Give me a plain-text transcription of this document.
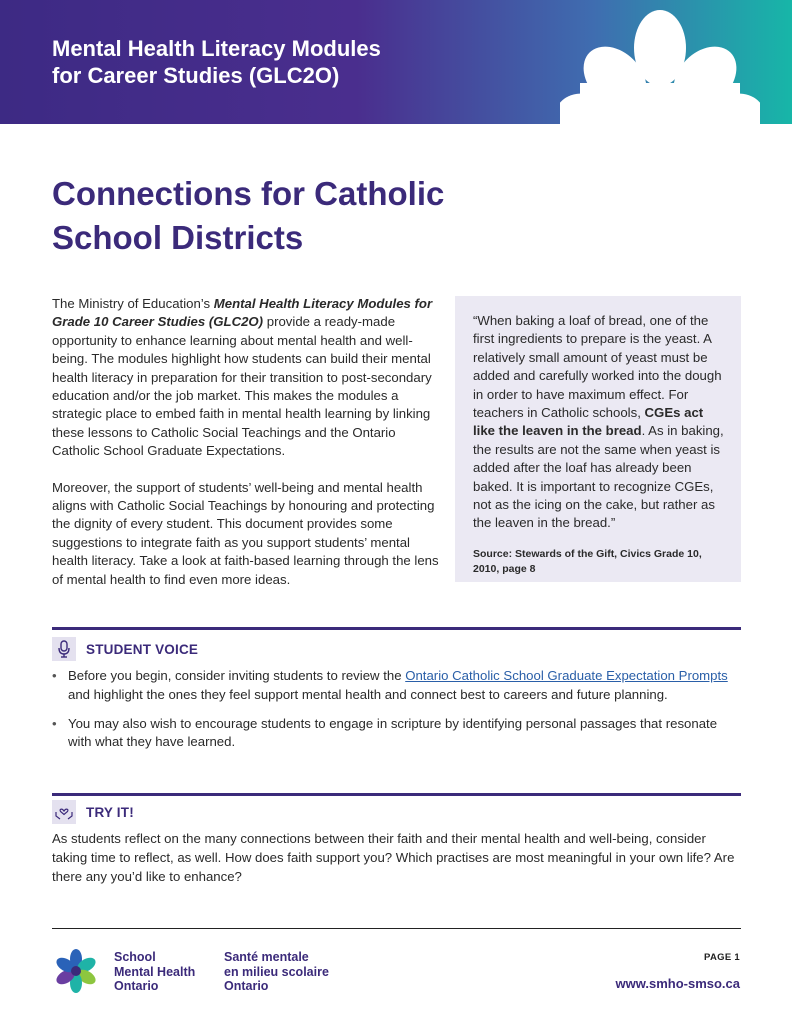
Mental Health Literacy Modules
for Career Studies (GLC2O)
Connections for Catholic
School Districts

The Ministry of Education’s Mental Health Literacy Modules for Grade 10 Career Studies (GLC2O) provide a ready-made opportunity to enhance learning about mental health and well-being. The modules highlight how students can build their mental health literacy in preparation for their transition to post-secondary education and/or the job market. This makes the modules a strategic place to embed faith in mental health learning by linking these lessons to Catholic Social Teachings and the Ontario Catholic School Graduate Expectations.

Moreover, the support of students’ well-being and mental health aligns with Catholic Social Teachings by honouring and protecting the dignity of every student. This document provides some suggestions to integrate faith as you support students’ mental health literacy. Take a look at faith-based learning through the lens of mental health to find even more ideas.

“When baking a loaf of bread, one of the first ingredients to prepare is the yeast. A relatively small amount of yeast must be added and carefully worked into the dough in order to have maximum effect. For teachers in Catholic schools, CGEs act like the leaven in the bread. As in baking, the results are not the same when yeast is added after the loaf has already been baked. It is important to recognize CGEs, not as the icing on the cake, but rather as the leaven in the bread.”

Source: Stewards of the Gift, Civics Grade 10, 2010, page 8

STUDENT VOICE
• Before you begin, consider inviting students to review the Ontario Catholic School Graduate Expectation Prompts and highlight the ones they feel support mental health and connect best to careers and future planning.
• You may also wish to encourage students to engage in scripture by identifying personal passages that resonate with what they have learned.
TRY IT!

As students reflect on the many connections between their faith and their mental health and well-being, consider taking time to reflect, as well. How does faith support you? Which practises are most meaningful in your own life? Are there any you’d like to enhance?

School
Mental Health
Ontario
Santé mentale
en milieu scolaire
Ontario
PAGE 1
www.smho-smso.ca
